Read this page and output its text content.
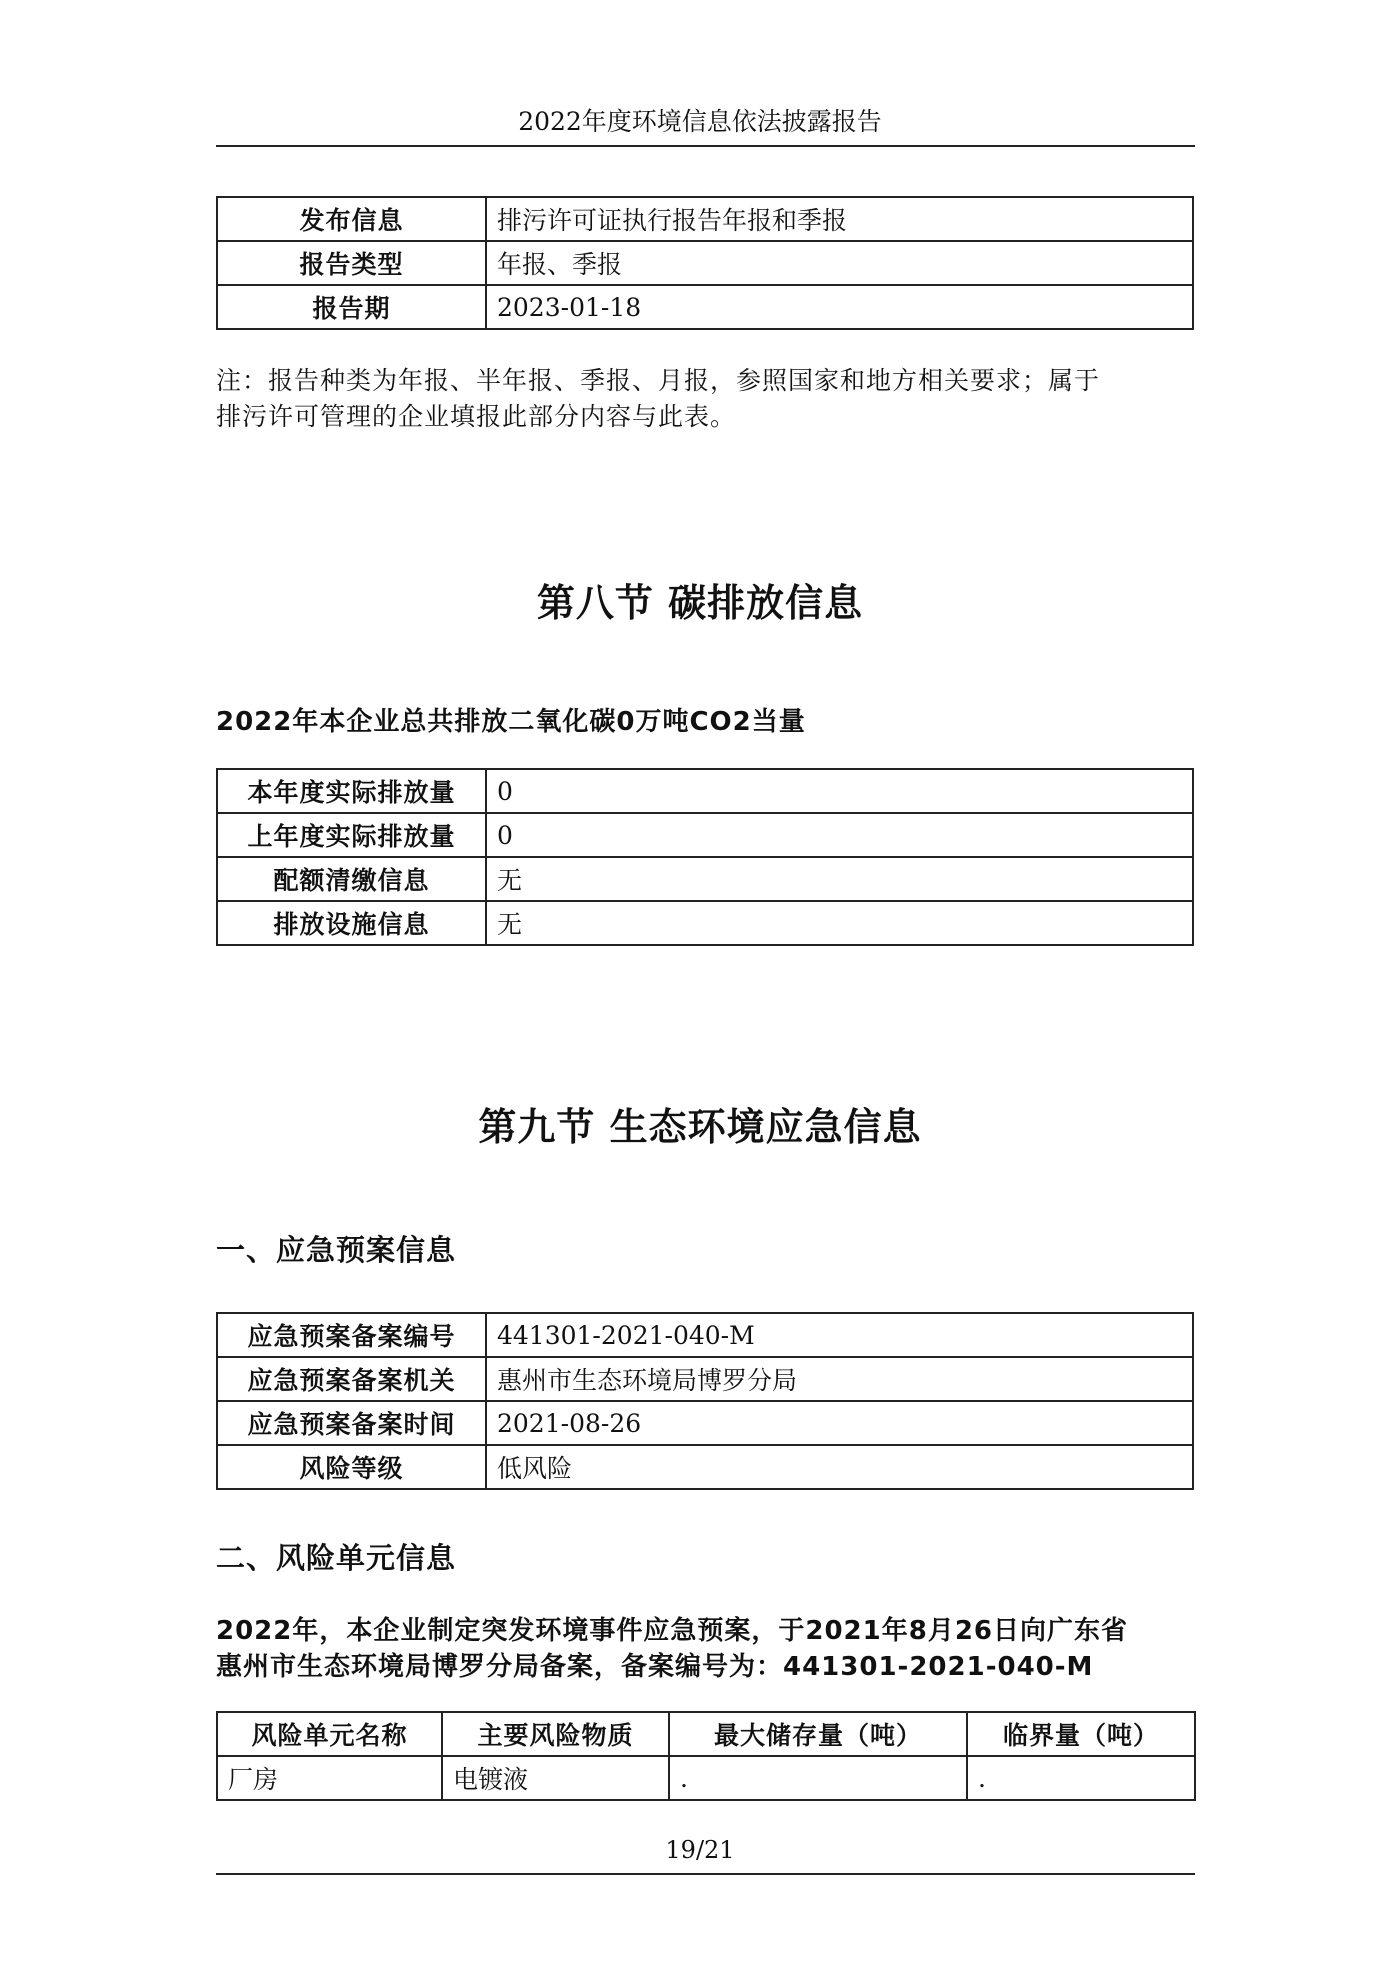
2022年度环境信息依法披露报告
发布信息	排污许可证执行报告年报和季报
报告类型	年报、季报
报告期	2023-01-18
注：报告种类为年报、半年报、季报、月报，参照国家和地方相关要求；属于
排污许可管理的企业填报此部分内容与此表。
第八节 碳排放信息
2022年本企业总共排放二氧化碳0万吨CO2当量
本年度实际排放量	0
上年度实际排放量	0
配额清缴信息	无
排放设施信息	无
第九节 生态环境应急信息
一、应急预案信息
应急预案备案编号	441301-2021-040-M
应急预案备案机关	惠州市生态环境局博罗分局
应急预案备案时间	2021-08-26
风险等级	低风险
二、风险单元信息
2022年，本企业制定突发环境事件应急预案，于2021年8月26日向广东省
惠州市生态环境局博罗分局备案，备案编号为：441301-2021-040-M
风险单元名称	主要风险物质	最大储存量（吨）	临界量（吨）
厂房	电镀液	.	.
19/21
